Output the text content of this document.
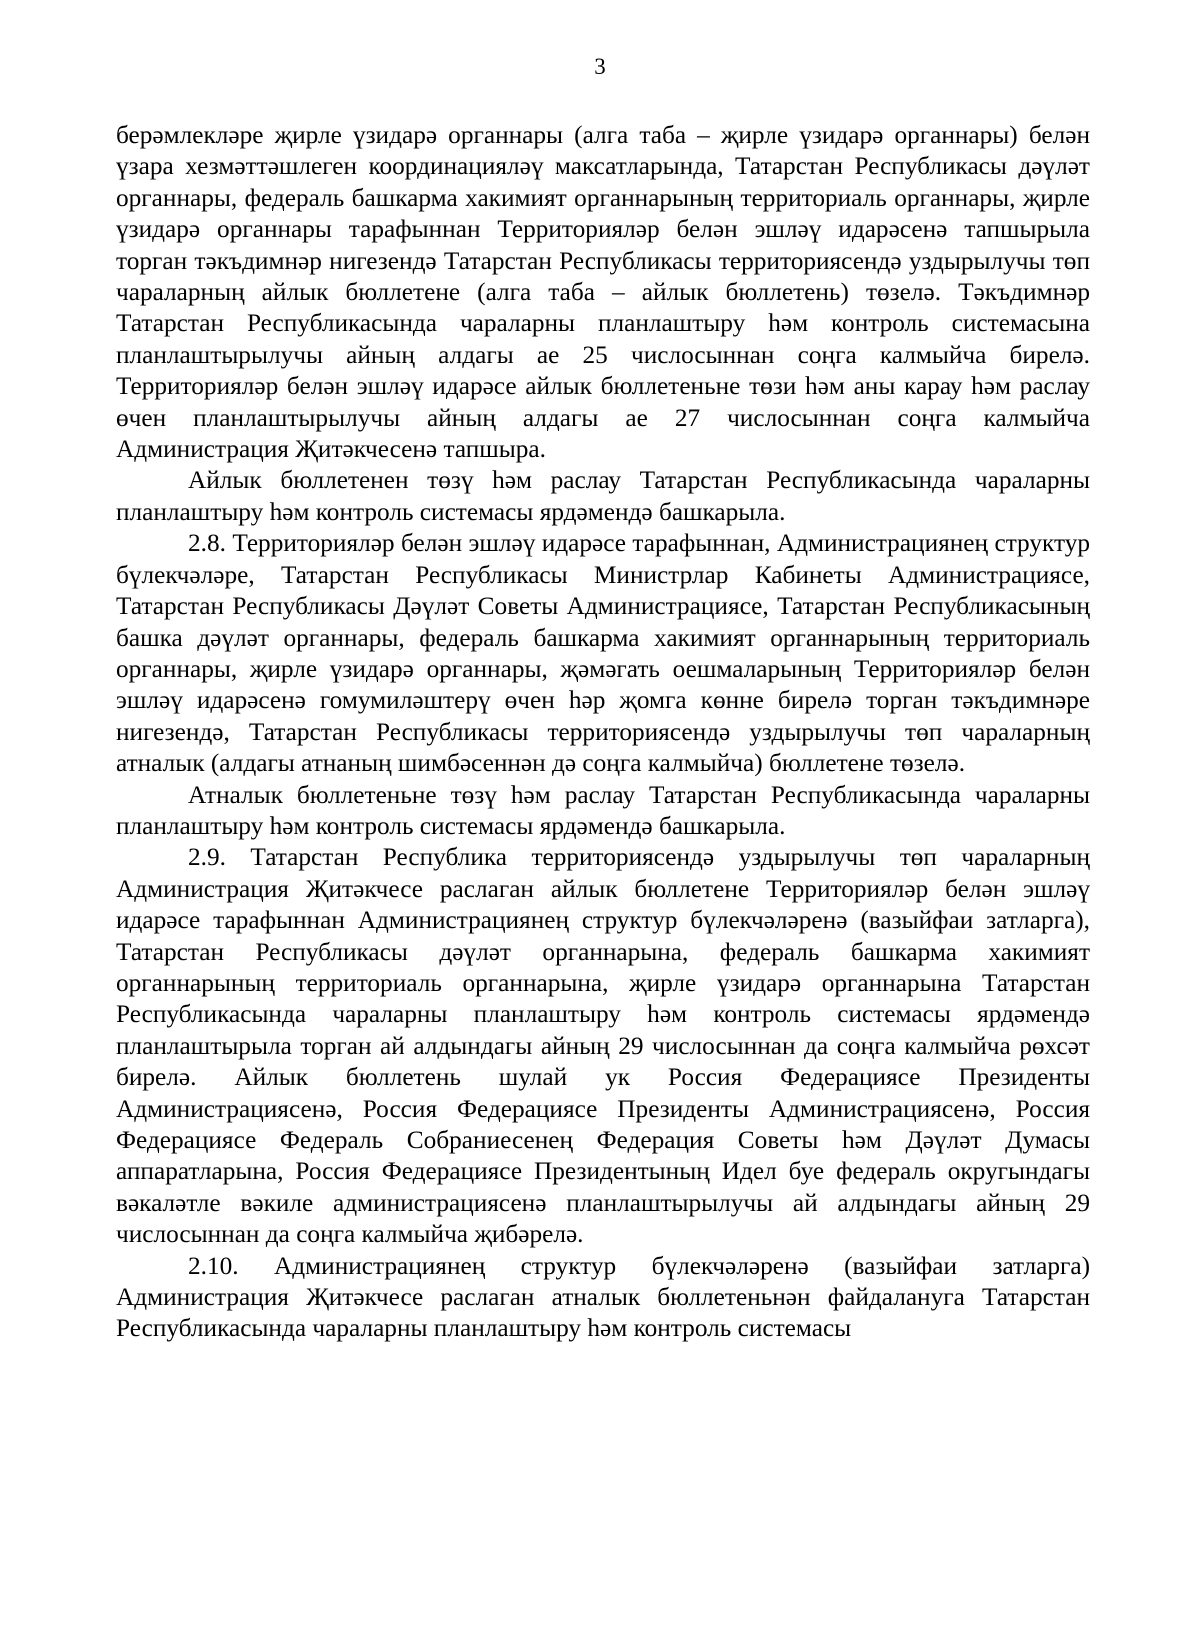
3

берәмлекләре җирле үзидарә органнары (алга таба – җирле үзидарә органнары) белән үзара хезмәттәшлеген координацияләү максатларында, Татарстан Республикасы дәүләт органнары, федераль башкарма хакимият органнарының территориаль органнары, җирле үзидарә органнары тарафыннан Территорияләр белән эшләү идарәсенә тапшырыла торган тәкъдимнәр нигезендә Татарстан Республикасы территориясендә уздырылучы төп чараларның айлык бюллетене (алга таба – айлык бюллетень) төзелә. Тәкъдимнәр Татарстан Республикасында чараларны планлаштыру һәм контроль системасына планлаштырылучы айның алдагы ае 25 числосыннан соңга калмыйча бирелә. Территорияләр белән эшләү идарәсе айлык бюллетеньне төзи һәм аны карау һәм раслау өчен планлаштырылучы айның алдагы ае 27 числосыннан соңга калмыйча Администрация Җитәкчесенә тапшыра.

Айлык бюллетенен төзү һәм раслау Татарстан Республикасында чараларны планлаштыру һәм контроль системасы ярдәмендә башкарыла.

2.8. Территорияләр белән эшләү идарәсе тарафыннан, Администрациянең структур бүлекчәләре, Татарстан Республикасы Министрлар Кабинеты Администрациясе, Татарстан Республикасы Дәүләт Советы Администрациясе, Татарстан Республикасының башка дәүләт органнары, федераль башкарма хакимият органнарының территориаль органнары, җирле үзидарә органнары, җәмәгать оешмаларының Территорияләр белән эшләү идарәсенә гомумиләштерү өчен һәр җомга көнне бирелә торган тәкъдимнәре нигезендә, Татарстан Республикасы территориясендә уздырылучы төп чараларның атналык (алдагы атнаның шимбәсеннән дә соңга калмыйча) бюллетене төзелә.

Атналык бюллетеньне төзү һәм раслау Татарстан Республикасында чараларны планлаштыру һәм контроль системасы ярдәмендә башкарыла.

2.9. Татарстан Республика территориясендә уздырылучы төп чараларның Администрация Җитәкчесе раслаган айлык бюллетене Территорияләр белән эшләү идарәсе тарафыннан Администрациянең структур бүлекчәләренә (вазыйфаи затларга), Татарстан Республикасы дәүләт органнарына, федераль башкарма хакимият органнарының территориаль органнарына, җирле үзидарә органнарына Татарстан Республикасында чараларны планлаштыру һәм контроль системасы ярдәмендә планлаштырыла торган ай алдындагы айның 29 числосыннан да соңга калмыйча рөхсәт бирелә. Айлык бюллетень шулай ук Россия Федерациясе Президенты Администрациясенә, Россия Федерациясе Президенты Администрациясенә, Россия Федерациясе Федераль Собраниесенең Федерация Советы һәм Дәүләт Думасы аппаратларына, Россия Федерациясе Президентының Идел буе федераль округындагы вәкаләтле вәкиле администрациясенә планлаштырылучы ай алдындагы айның 29 числосыннан да соңга калмыйча җибәрелә.

2.10. Администрациянең структур бүлекчәләренә (вазыйфаи затларга) Администрация Җитәкчесе раслаган атналык бюллетеньнән файдалануга Татарстан Республикасында чараларны планлаштыру һәм контроль системасы
